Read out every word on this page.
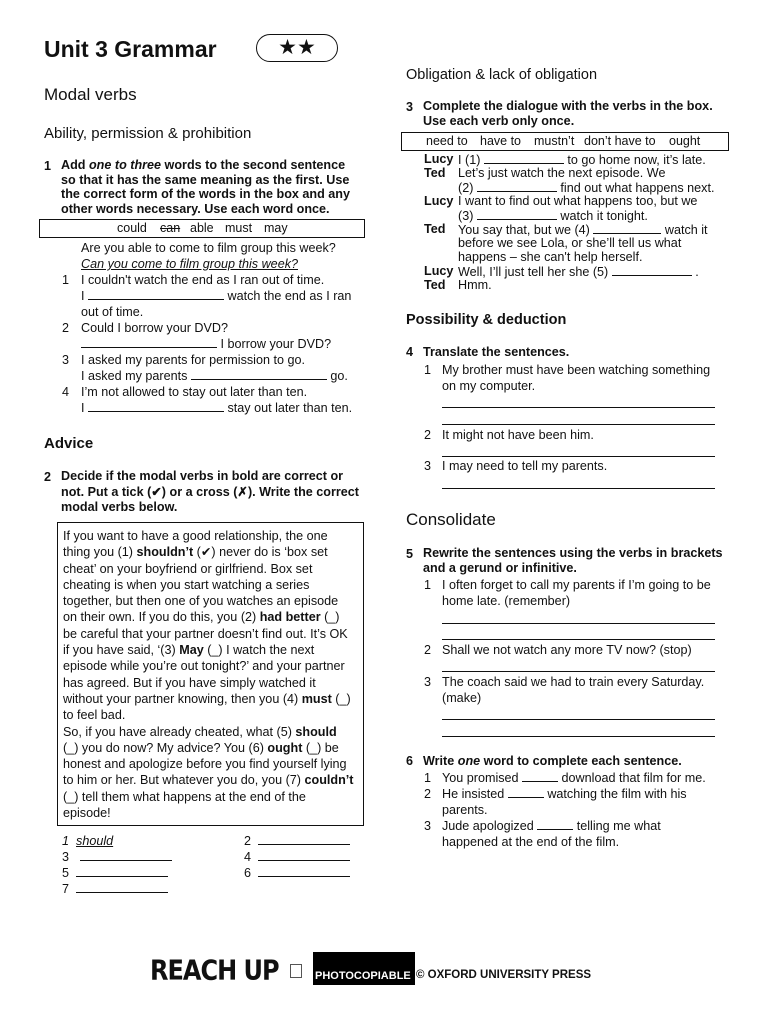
Unit 3 Grammar	★★
Modal verbs
Ability, permission & prohibition
1 Add one to three words to the second sentence so that it has the same meaning as the first. Use the correct form of the words in the box and any other words necessary. Use each word once.
could can able must may
Are you able to come to film group this week?
Can you come to film group this week?
1 I couldn't watch the end as I ran out of time.
I	watch the end as I ran
out of time.
2 Could I borrow your DVD?
I borrow your DVD?
3 I asked my parents for permission to go.
I asked my parents	go.
4 I’m not allowed to stay out later than ten.
I	stay out later than ten.
Advice
2 Decide if the modal verbs in bold are correct or not. Put a tick (✔) or a cross (✗). Write the correct modal verbs below.
If you want to have a good relationship, the one
thing you (1) shouldn’t (✔) never do is ‘box set
cheat’ on your boyfriend or girlfriend. Box set
cheating is when you start watching a series
together, but then one of you watches an episode
on their own. If you do this, you (2) had better (_)
be careful that your partner doesn’t find out. It’s OK
if you have said, ‘(3) May (_) I watch the next
episode while you’re out tonight?’ and your partner
has agreed. But if you have simply watched it
without your partner knowing, then you (4) must (_)
to feel bad.
So, if you have already cheated, what (5) should
(_) you do now? My advice? You (6) ought (_) be
honest and apologize before you find yourself lying
to him or her. But whatever you do, you (7) couldn’t
(_) tell them what happens at the end of the
episode!
1 should	2
3	4
5	6
7
Obligation & lack of obligation
3 Complete the dialogue with the verbs in the box. Use each verb only once.
need to have to mustn’t don’t have to ought
Lucy I (1)	to go home now, it’s late.
Ted Let’s just watch the next episode. We
(2)	find out what happens next.
Lucy I want to find out what happens too, but we
(3)	watch it tonight.
Ted You say that, but we (4)	watch it
before we see Lola, or she’ll tell us what
happens – she can't help herself.
Lucy Well, I’ll just tell her she (5)	.
Ted Hmm.
Possibility & deduction
4 Translate the sentences.
1 My brother must have been watching something
on my computer.
2 It might not have been him.
3 I may need to tell my parents.
Consolidate
5 Rewrite the sentences using the verbs in brackets and a gerund or infinitive.
1 I often forget to call my parents if I’m going to be
home late. (remember)
2 Shall we not watch any more TV now? (stop)
3 The coach said we had to train every Saturday.
(make)
6 Write one word to complete each sentence.
1 You promised	download that film for me.
2 He insisted	watching the film with his
parents.
3 Jude apologized	telling me what
happened at the end of the film.
REACH UP	PHOTOCOPIABLE © OXFORD UNIVERSITY PRESS
